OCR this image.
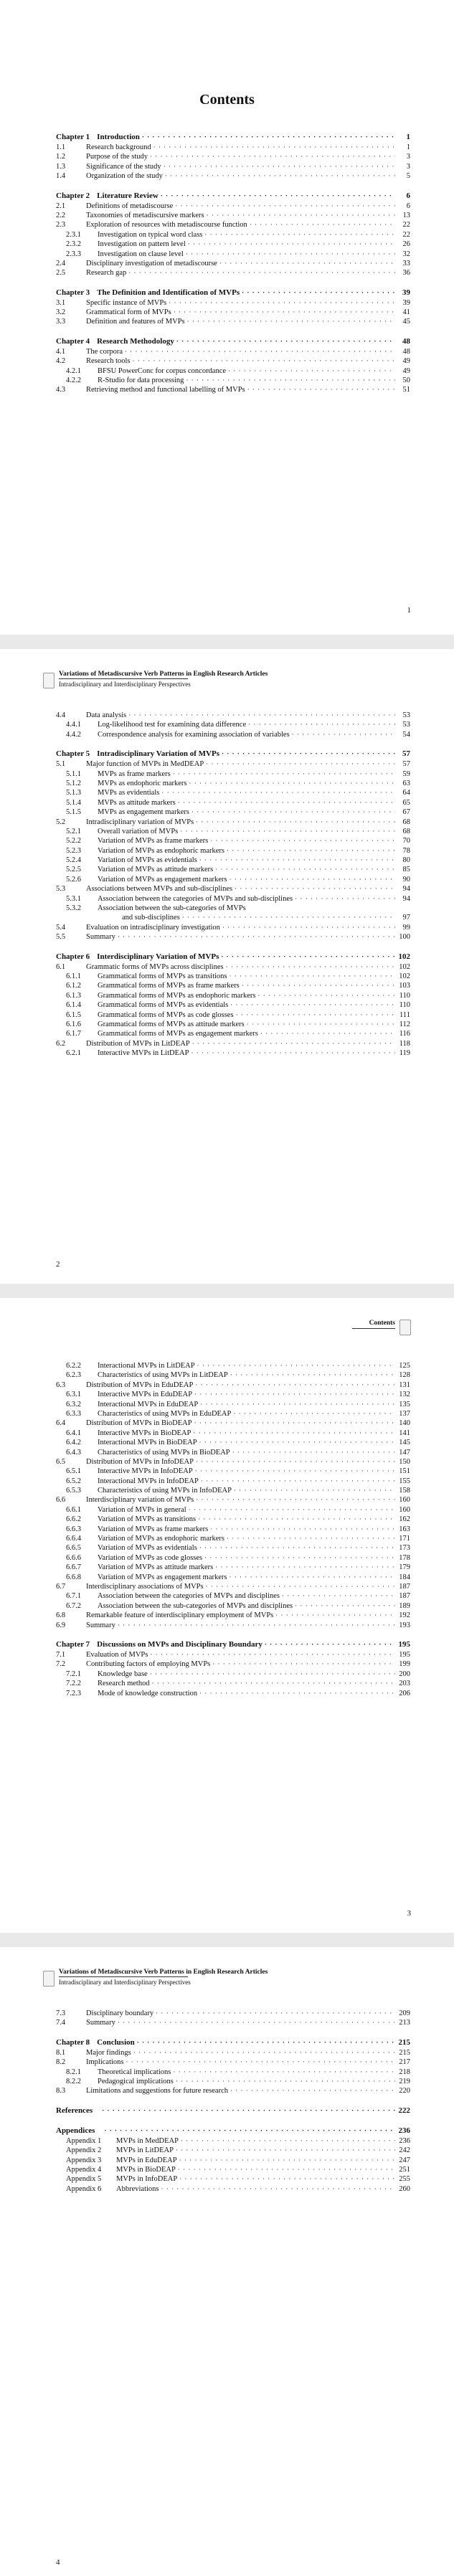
Contents
Chapter 1 Introduction · · ·	1
1.1	Research background · · ·	1
1.2	Purpose of the study · · ·	3
1.3	Significance of the study · · ·	3
1.4	Organization of the study · · ·	5
Chapter 2 Literature Review · · ·	6
2.1	Definitions of metadiscourse · · ·	6
2.2	Taxonomies of metadiscursive markers · · ·	13
2.3	Exploration of resources with metadiscourse function · · ·	22
2.3.1	Investigation on typical word class · · ·	22
2.3.2	Investigation on pattern level · · ·	26
2.3.3	Investigation on clause level · · ·	32
2.4	Disciplinary investigation of metadiscourse · · ·	33
2.5	Research gap · · ·	36
Chapter 3 The Definition and Identification of MVPs · · ·	39
3.1	Specific instance of MVPs · · ·	39
3.2	Grammatical form of MVPs · · ·	41
3.3	Definition and features of MVPs · · ·	45
Chapter 4 Research Methodology · · ·	48
4.1	The corpora · · ·	48
4.2	Research tools · · ·	49
4.2.1	BFSU PowerConc for corpus concordance · · ·	49
4.2.2	R-Studio for data processing · · ·	50
4.3	Retrieving method and functional labelling of MVPs · · ·	51
1
Variations of Metadiscursive Verb Patterns in English Research Articles
Intradisciplinary and Interdisciplinary Perspectives
4.4	Data analysis · · ·	53
4.4.1	Log-likelihood test for examining data difference · · ·	53
4.4.2	Correspondence analysis for examining association of variables · · ·	54
Chapter 5 Intradisciplinary Variation of MVPs · · ·	57
5.1	Major function of MVPs in MedDEAP · · ·	57
5.1.1	MVPs as frame markers · · ·	59
5.1.2	MVPs as endophoric markers · · ·	63
5.1.3	MVPs as evidentials · · ·	64
5.1.4	MVPs as attitude markers · · ·	65
5.1.5	MVPs as engagement markers · · ·	67
5.2	Intradisciplinary variation of MVPs · · ·	68
5.2.1	Overall variation of MVPs · · ·	68
5.2.2	Variation of MVPs as frame markers · · ·	70
5.2.3	Variation of MVPs as endophoric markers · · ·	78
5.2.4	Variation of MVPs as evidentials · · ·	80
5.2.5	Variation of MVPs as attitude markers · · ·	85
5.2.6	Variation of MVPs as engagement markers · · ·	90
5.3	Associations between MVPs and sub-disciplines · · ·	94
5.3.1	Association between the categories of MVPs and sub-disciplines · · ·	94
5.3.2	Association between the sub-categories of MVPs
and sub-disciplines · · ·	97
5.4	Evaluation on intradisciplinary investigation · · ·	99
5.5	Summary · · ·	100
Chapter 6 Interdisciplinary Variation of MVPs · · ·	102
6.1	Grammatic forms of MVPs across disciplines · · ·	102
6.1.1	Grammatical forms of MVPs as transitions · · ·	102
6.1.2	Grammatical forms of MVPs as frame markers · · ·	103
6.1.3	Grammatical forms of MVPs as endophoric markers · · ·	110
6.1.4	Grammatical forms of MVPs as evidentials · · ·	110
6.1.5	Grammatical forms of MVPs as code glosses · · ·	111
6.1.6	Grammatical forms of MVPs as attitude markers · · ·	112
6.1.7	Grammatical forms of MVPs as engagement markers · · ·	116
6.2	Distribution of MVPs in LitDEAP · · ·	118
6.2.1	Interactive MVPs in LitDEAP · · ·	119
2
Contents
6.2.2	Interactional MVPs in LitDEAP · · ·	125
6.2.3	Characteristics of using MVPs in LitDEAP · · ·	128
6.3	Distribution of MVPs in EduDEAP · · ·	131
6.3.1	Interactive MVPs in EduDEAP · · ·	132
6.3.2	Interactional MVPs in EduDEAP · · ·	135
6.3.3	Characteristics of using MVPs in EduDEAP · · ·	137
6.4	Distribution of MVPs in BioDEAP · · ·	140
6.4.1	Interactive MVPs in BioDEAP · · ·	141
6.4.2	Interactional MVPs in BioDEAP · · ·	145
6.4.3	Characteristics of using MVPs in BioDEAP · · ·	147
6.5	Distribution of MVPs in InfoDEAP · · ·	150
6.5.1	Interactive MVPs in InfoDEAP · · ·	151
6.5.2	Interactional MVPs in InfoDEAP · · ·	155
6.5.3	Characteristics of using MVPs in InfoDEAP · · ·	158
6.6	Interdisciplinary variation of MVPs · · ·	160
6.6.1	Variation of MVPs in general · · ·	160
6.6.2	Variation of MVPs as transitions · · ·	162
6.6.3	Variation of MVPs as frame markers · · ·	163
6.6.4	Variation of MVPs as endophoric markers · · ·	171
6.6.5	Variation of MVPs as evidentials · · ·	173
6.6.6	Variation of MVPs as code glosses · · ·	178
6.6.7	Variation of MVPs as attitude markers · · ·	179
6.6.8	Variation of MVPs as engagement markers · · ·	184
6.7	Interdisciplinary associations of MVPs · · ·	187
6.7.1	Association between the categories of MVPs and disciplines · · ·	187
6.7.2	Association between the sub-categories of MVPs and disciplines · · ·	189
6.8	Remarkable feature of interdisciplinary employment of MVPs · · ·	192
6.9	Summary · · ·	193
Chapter 7 Discussions on MVPs and Disciplinary Boundary · · ·	195
7.1	Evaluation of MVPs · · ·	195
7.2	Contributing factors of employing MVPs · · ·	199
7.2.1	Knowledge base · · ·	200
7.2.2	Research method · · ·	203
7.2.3	Mode of knowledge construction · · ·	206
3
Variations of Metadiscursive Verb Patterns in English Research Articles
Intradisciplinary and Interdisciplinary Perspectives
7.3	Disciplinary boundary · · ·	209
7.4	Summary · · ·	213
Chapter 8 Conclusion · · ·	215
8.1	Major findings · · ·	215
8.2	Implications · · ·	217
8.2.1	Theoretical implications · · ·	218
8.2.2	Pedagogical implications · · ·	219
8.3	Limitations and suggestions for future research · · ·	220
References · · ·	222
Appendices · · ·	236
Appendix 1	MVPs in MedDEAP · · ·	236
Appendix 2	MVPs in LitDEAP · · ·	242
Appendix 3	MVPs in EduDEAP · · ·	247
Appendix 4	MVPs in BioDEAP · · ·	251
Appendix 5	MVPs in InfoDEAP · · ·	255
Appendix 6	Abbreviations · · ·	260
4
